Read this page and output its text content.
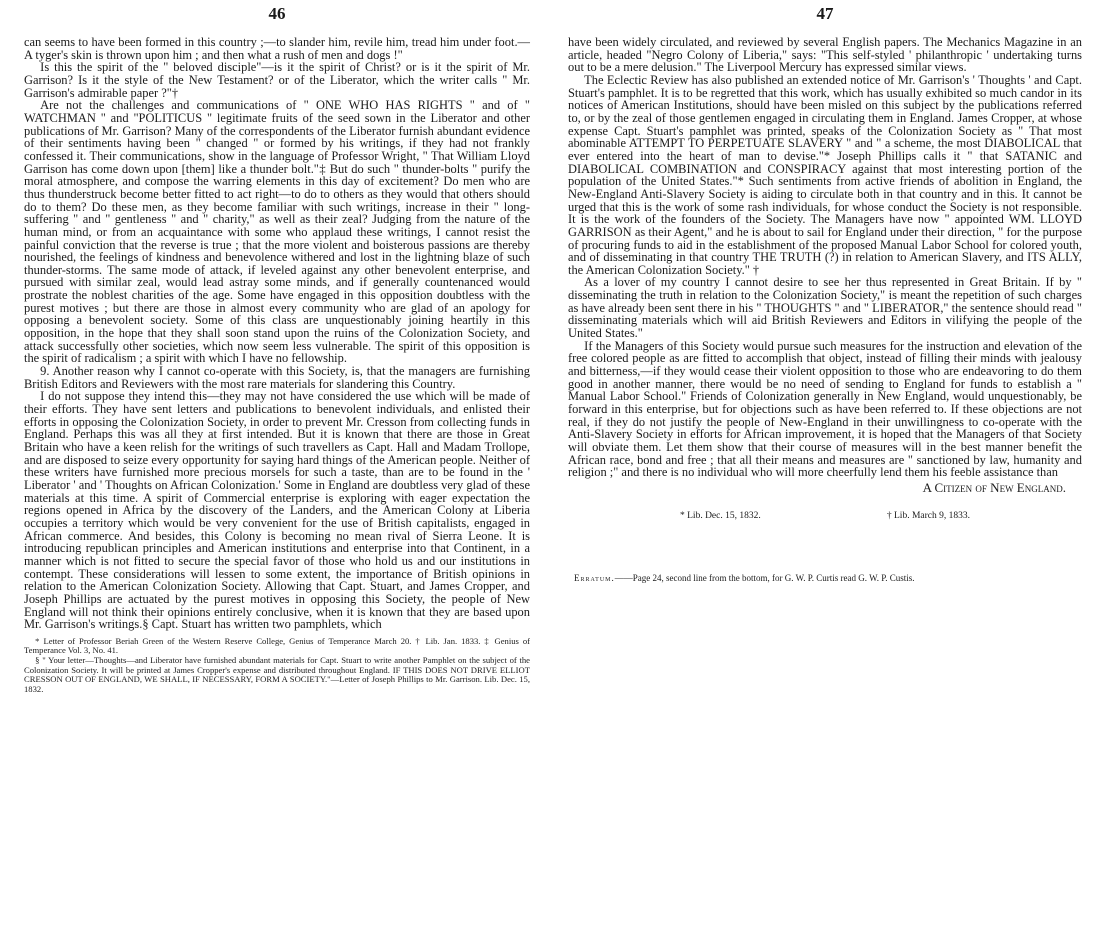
46

can seems to have been formed in this country ;—to slander him, revile him, tread him under foot.—A tyger's skin is thrown upon him ; and then what a rush of men and dogs !"

Is this the spirit of the " beloved disciple"—is it the spirit of Christ? or is it the spirit of Mr. Garrison? Is it the style of the New Testament? or of the Liberator, which the writer calls " Mr. Garrison's admirable paper ?"†

Are not the challenges and communications of " ONE WHO HAS RIGHTS " and of " WATCHMAN " and "POLITICUS " legitimate fruits of the seed sown in the Liberator and other publications of Mr. Garrison? Many of the correspondents of the Liberator furnish abundant evidence of their sentiments having been " changed " or formed by his writings, if they had not frankly confessed it. Their communications, show in the language of Professor Wright, " That William Lloyd Garrison has come down upon [them] like a thunder bolt."‡ But do such " thunder-bolts " purify the moral atmosphere, and compose the warring elements in this day of excitement? Do men who are thus thunderstruck become better fitted to act right—to do to others as they would that others should do to them? Do these men, as they become familiar with such writings, increase in their " long-suffering " and " gentleness " and " charity," as well as their zeal? Judging from the nature of the human mind, or from an acquaintance with some who applaud these writings, I cannot resist the painful conviction that the reverse is true ; that the more violent and boisterous passions are thereby nourished, the feelings of kindness and benevolence withered and lost in the lightning blaze of such thunder-storms. The same mode of attack, if leveled against any other benevolent enterprise, and pursued with similar zeal, would lead astray some minds, and if generally countenanced would prostrate the noblest charities of the age. Some have engaged in this opposition doubtless with the purest motives ; but there are those in almost every community who are glad of an apology for opposing a benevolent society. Some of this class are unquestionably joining heartily in this opposition, in the hope that they shall soon stand upon the ruins of the Colonization Society, and attack successfully other societies, which now seem less vulnerable. The spirit of this opposition is the spirit of radicalism ; a spirit with which I have no fellowship.

9. Another reason why I cannot co-operate with this Society, is, that the managers are furnishing British Editors and Reviewers with the most rare materials for slandering this Country.

I do not suppose they intend this—they may not have considered the use which will be made of their efforts. They have sent letters and publications to benevolent individuals, and enlisted their efforts in opposing the Colonization Society, in order to prevent Mr. Cresson from collecting funds in England. Perhaps this was all they at first intended. But it is known that there are those in Great Britain who have a keen relish for the writings of such travellers as Capt. Hall and Madam Trollope, and are disposed to seize every opportunity for saying hard things of the American people. Neither of these writers have furnished more precious morsels for such a taste, than are to be found in the ' Liberator ' and ' Thoughts on African Colonization.' Some in England are doubtless very glad of these materials at this time. A spirit of Commercial enterprise is exploring with eager expectation the regions opened in Africa by the discovery of the Landers, and the American Colony at Liberia occupies a territory which would be very convenient for the use of British capitalists, engaged in African commerce. And besides, this Colony is becoming no mean rival of Sierra Leone. It is introducing republican principles and American institutions and enterprise into that Continent, in a manner which is not fitted to secure the special favor of those who hold us and our institutions in contempt. These considerations will lessen to some extent, the importance of British opinions in relation to the American Colonization Society. Allowing that Capt. Stuart, and James Cropper, and Joseph Phillips are actuated by the purest motives in opposing this Society, the people of New England will not think their opinions entirely conclusive, when it is known that they are based upon Mr. Garrison's writings.§ Capt. Stuart has written two pamphlets, which

* Letter of Professor Beriah Green of the Western Reserve College, Genius of Temperance March 20. † Lib. Jan. 1833. ‡ Genius of Temperance Vol. 3, No. 41.

§ " Your letter—Thoughts—and Liberator have furnished abundant materials for Capt. Stuart to write another Pamphlet on the subject of the Colonization Society. It will be printed at James Cropper's expense and distributed throughout England. IF THIS DOES NOT DRIVE ELLIOT CRESSON OUT OF ENGLAND, WE SHALL, IF NECESSARY, FORM A SOCIETY."—Letter of Joseph Phillips to Mr. Garrison. Lib. Dec. 15, 1832.

47

have been widely circulated, and reviewed by several English papers. The Mechanics Magazine in an article, headed "Negro Colony of Liberia," says: "This self-styled ' philanthropic ' undertaking turns out to be a mere delusion." The Liverpool Mercury has expressed similar views.

The Eclectic Review has also published an extended notice of Mr. Garrison's ' Thoughts ' and Capt. Stuart's pamphlet. It is to be regretted that this work, which has usually exhibited so much candor in its notices of American Institutions, should have been misled on this subject by the publications referred to, or by the zeal of those gentlemen engaged in circulating them in England. James Cropper, at whose expense Capt. Stuart's pamphlet was printed, speaks of the Colonization Society as " That most abominable ATTEMPT TO PERPETUATE SLAVERY " and " a scheme, the most DIABOLICAL that ever entered into the heart of man to devise."* Joseph Phillips calls it " that SATANIC and DIABOLICAL COMBINATION and CONSPIRACY against that most interesting portion of the population of the United States."* Such sentiments from active friends of abolition in England, the New-England Anti-Slavery Society is aiding to circulate both in that country and in this. It cannot be urged that this is the work of some rash individuals, for whose conduct the Society is not responsible. It is the work of the founders of the Society. The Managers have now " appointed WM. LLOYD GARRISON as their Agent," and he is about to sail for England under their direction, " for the purpose of procuring funds to aid in the establishment of the proposed Manual Labor School for colored youth, and of disseminating in that country THE TRUTH (?) in relation to American Slavery, and ITS ALLY, the American Colonization Society." †

As a lover of my country I cannot desire to see her thus represented in Great Britain. If by " disseminating the truth in relation to the Colonization Society," is meant the repetition of such charges as have already been sent there in his " THOUGHTS " and " LIBERATOR," the sentence should read " disseminating materials which will aid British Reviewers and Editors in vilifying the people of the United States."

If the Managers of this Society would pursue such measures for the instruction and elevation of the free colored people as are fitted to accomplish that object, instead of filling their minds with jealousy and bitterness,—if they would cease their violent opposition to those who are endeavoring to do them good in another manner, there would be no need of sending to England for funds to establish a " Manual Labor School." Friends of Colonization generally in New England, would unquestionably, be forward in this enterprise, but for objections such as have been referred to. If these objections are not real, if they do not justify the people of New-England in their unwillingness to co-operate with the Anti-Slavery Society in efforts for African improvement, it is hoped that the Managers of that Society will obviate them. Let them show that their course of measures will in the best manner benefit the African race, bond and free ; that all their means and measures are " sanctioned by law, humanity and religion ;" and there is no individual who will more cheerfully lend them his feeble assistance than

A Citizen of New England.
* Lib. Dec. 15, 1832.	† Lib. March 9, 1833.
Erratum.——Page 24, second line from the bottom, for G. W. P. Curtis read G. W. P. Custis.
